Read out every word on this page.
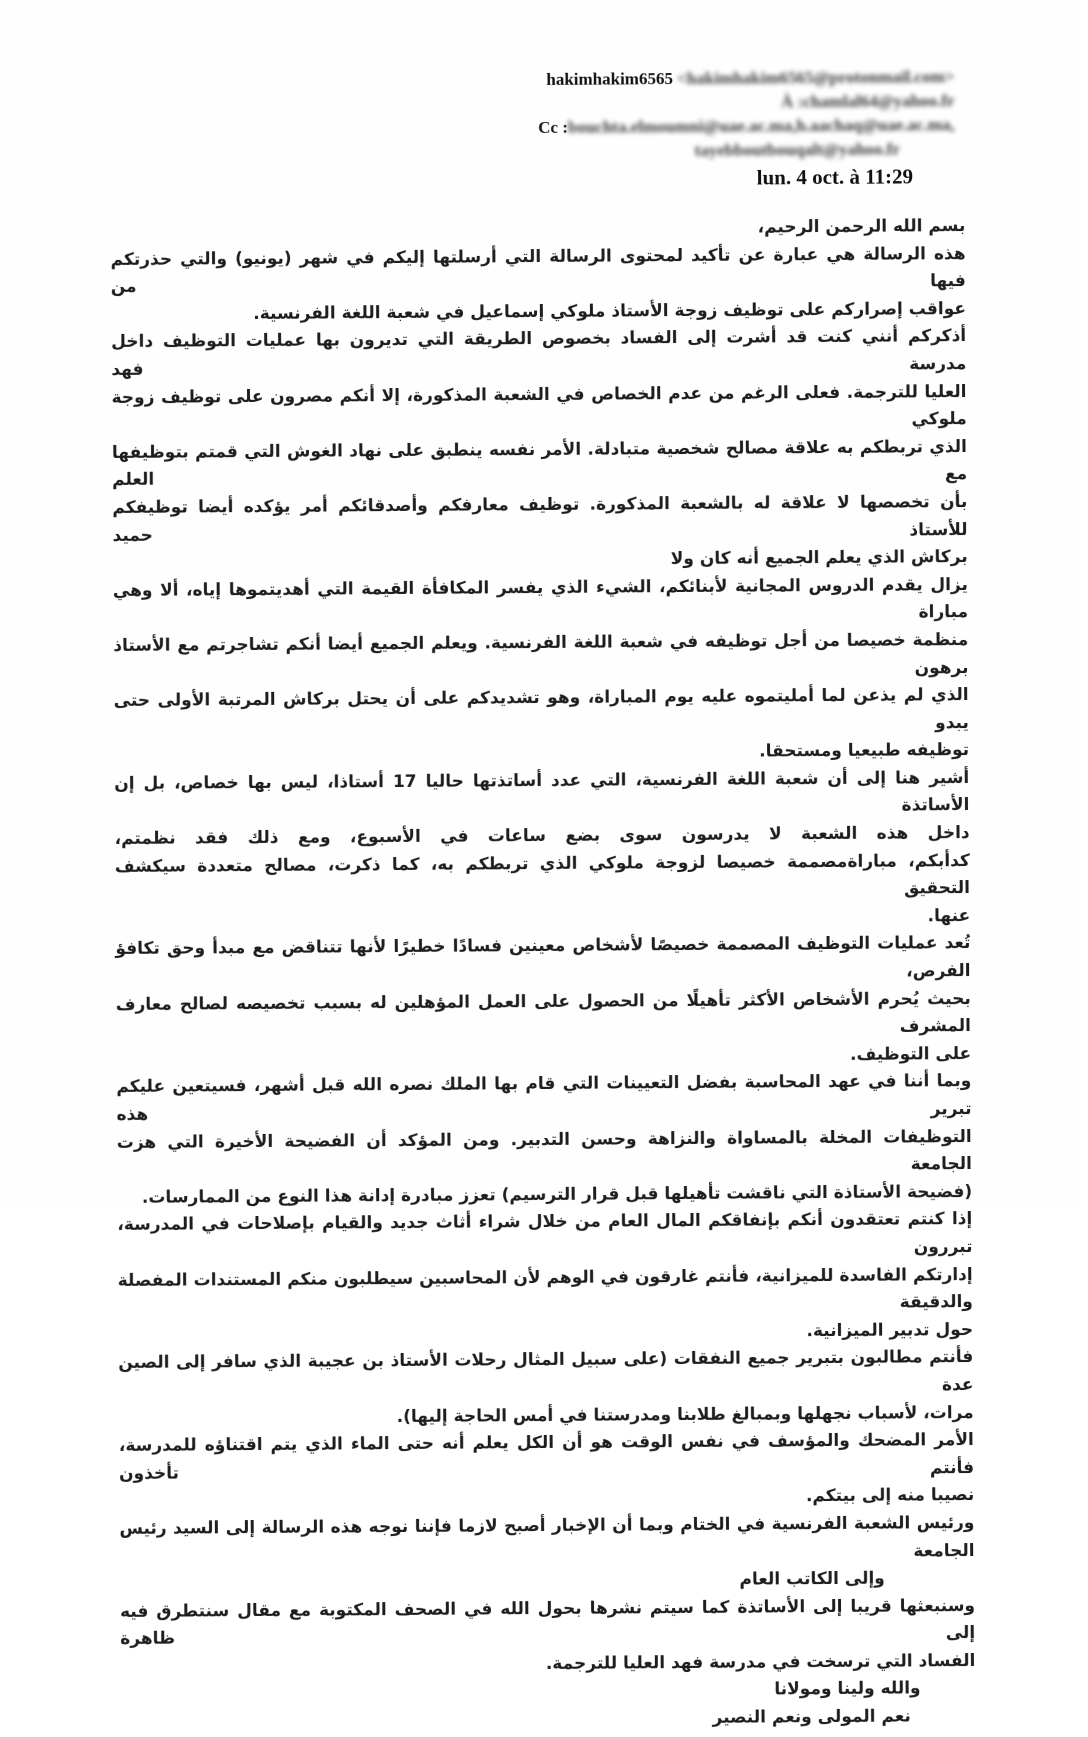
hakimhakim6565 <hakimhakim6565@protonmail.com>
À :chamlal64@yahoo.fr
Cc :bouchta.elmoumni@uae.ac.ma,h.aachaq@uae.ac.ma,
tayebboutbouqalt@yahoo.fr
lun. 4 oct. à 11:29
بسم الله الرحمن الرحيم،
هذه الرسالة هي عبارة عن تأكيد لمحتوى الرسالة التي أرسلتها إليكم في شهر (يونيو) والتي حذرتكم فيها من
عواقب إصراركم على توظيف زوجة الأستاذ ملوكي إسماعيل في شعبة اللغة الفرنسية.
أذكركم أنني كنت قد أشرت إلى الفساد بخصوص الطريقة التي تديرون بها عمليات التوظيف داخل مدرسة فهد
العليا للترجمة. فعلى الرغم من عدم الخصاص في الشعبة المذكورة، إلا أنكم مصرون على توظيف زوجة ملوكي
الذي تربطكم به علاقة مصالح شخصية متبادلة. الأمر نفسه ينطبق على نهاد الغوش التي قمتم بتوظيفها مع العلم
بأن تخصصها لا علاقة له بالشعبة المذكورة. توظيف معارفكم وأصدقائكم أمر يؤكده أيضا توظيفكم للأستاذ حميد
بركاش الذي يعلم الجميع أنه كان ولا
يزال يقدم الدروس المجانية لأبنائكم، الشيء الذي يفسر المكافأة القيمة التي أهديتموها إياه، ألا وهي مباراة
منظمة خصيصا من أجل توظيفه في شعبة اللغة الفرنسية. ويعلم الجميع أيضا أنكم تشاجرتم مع الأستاذ برهون
الذي لم يذعن لما أمليتموه عليه يوم المباراة، وهو تشديدكم على أن يحتل بركاش المرتبة الأولى حتى يبدو
توظيفه طبيعيا ومستحقا.
أشير هنا إلى أن شعبة اللغة الفرنسية، التي عدد أساتذتها حاليا 17 أستاذا، ليس بها خصاص، بل إن الأساتذة
داخل هذه الشعبة لا يدرسون سوى بضع ساعات في الأسبوع، ومع ذلك فقد نظمتم،
كدأبكم، مباراةمصممة خصيصا لزوجة ملوكي الذي تربطكم به، كما ذكرت، مصالح متعددة سيكشف التحقيق
عنها.
تُعد عمليات التوظيف المصممة خصيصًا لأشخاص معينين فسادًا خطيرًا لأنها تتناقض مع مبدأ وحق تكافؤ الفرص،
بحيث يُحرم الأشخاص الأكثر تأهيلًا من الحصول على العمل المؤهلين له بسبب تخصيصه لصالح معارف المشرف
على التوظيف.
وبما أننا في عهد المحاسبة بفضل التعيينات التي قام بها الملك نصره الله قبل أشهر، فسيتعين عليكم تبرير هذه
التوظيفات المخلة بالمساواة والنزاهة وحسن التدبير. ومن المؤكد أن الفضيحة الأخيرة التي هزت الجامعة
(فضيحة الأستاذة التي ناقشت تأهيلها قبل قرار الترسيم) تعزز مبادرة إدانة هذا النوع من الممارسات.
إذا كنتم تعتقدون أنكم بإنفاقكم المال العام من خلال شراء أثاث جديد والقيام بإصلاحات في المدرسة، تبررون
إدارتكم الفاسدة للميزانية، فأنتم غارقون في الوهم لأن المحاسبين سيطلبون منكم المستندات المفصلة والدقيقة
حول تدبير الميزانية.
فأنتم مطالبون بتبرير جميع النفقات (على سبيل المثال رحلات الأستاذ بن عجيبة الذي سافر إلى الصين عدة
مرات، لأسباب نجهلها وبمبالغ طلابنا ومدرستنا في أمس الحاجة إليها).
الأمر المضحك والمؤسف في نفس الوقت هو أن الكل يعلم أنه حتى الماء الذي يتم اقتناؤه للمدرسة، فأنتم تأخذون
نصيبا منه إلى بيتكم.
ورئيس الشعبة الفرنسية في الختام وبما أن الإخبار أصبح لازما فإننا نوجه هذه الرسالة إلى السيد رئيس الجامعة
وإلى الكاتب العام
وسنبعثها قريبا إلى الأساتذة كما سيتم نشرها بحول الله في الصحف المكتوبة مع مقال سنتطرق فيه إلى ظاهرة
الفساد التي ترسخت في مدرسة فهد العليا للترجمة.
والله ولينا ومولانا
نعم المولى ونعم النصير
